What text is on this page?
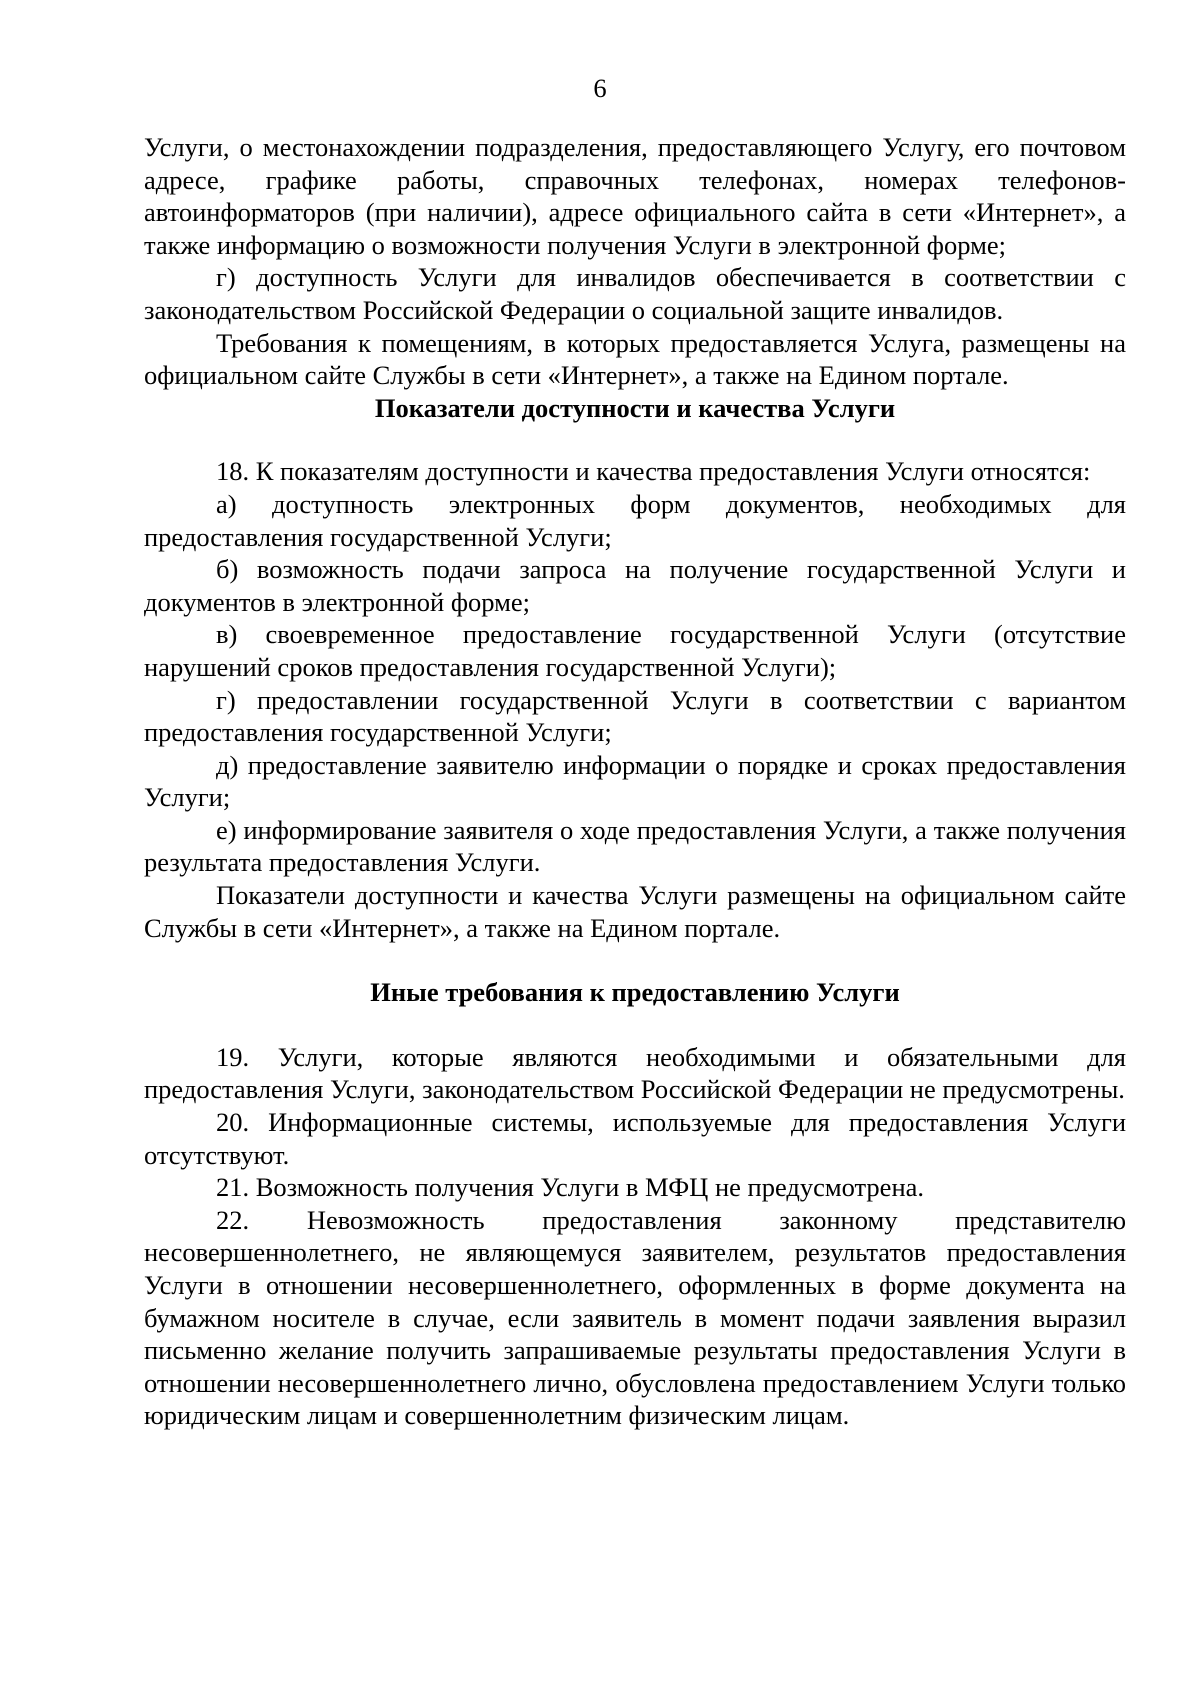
6

Услуги, о местонахождении подразделения, предоставляющего Услугу, его почтовом адресе, графике работы, справочных телефонах, номерах телефонов-автоинформаторов (при наличии), адресе официального сайта в сети «Интернет», а также информацию о возможности получения Услуги в электронной форме;

г) доступность Услуги для инвалидов обеспечивается в соответствии с законодательством Российской Федерации о социальной защите инвалидов.

Требования к помещениям, в которых предоставляется Услуга, размещены на официальном сайте Службы в сети «Интернет», а также на Едином портале.

Показатели доступности и качества Услуги

18. К показателям доступности и качества предоставления Услуги относятся:

а) доступность электронных форм документов, необходимых для предоставления государственной Услуги;

б) возможность подачи запроса на получение государственной Услуги и документов в электронной форме;

в) своевременное предоставление государственной Услуги (отсутствие нарушений сроков предоставления государственной Услуги);

г) предоставлении государственной Услуги в соответствии с вариантом предоставления государственной Услуги;

д) предоставление заявителю информации о порядке и сроках предоставления Услуги;

е) информирование заявителя о ходе предоставления Услуги, а также получения результата предоставления Услуги.

Показатели доступности и качества Услуги размещены на официальном сайте Службы в сети «Интернет», а также на Едином портале.

Иные требования к предоставлению Услуги

19. Услуги, которые являются необходимыми и обязательными для предоставления Услуги, законодательством Российской Федерации не предусмотрены.

20. Информационные системы, используемые для предоставления Услуги отсутствуют.

21. Возможность получения Услуги в МФЦ не предусмотрена.

22. Невозможность предоставления законному представителю несовершеннолетнего, не являющемуся заявителем, результатов предоставления Услуги в отношении несовершеннолетнего, оформленных в форме документа на бумажном носителе в случае, если заявитель в момент подачи заявления выразил письменно желание получить запрашиваемые результаты предоставления Услуги в отношении несовершеннолетнего лично, обусловлена предоставлением Услуги только юридическим лицам и совершеннолетним физическим лицам.
